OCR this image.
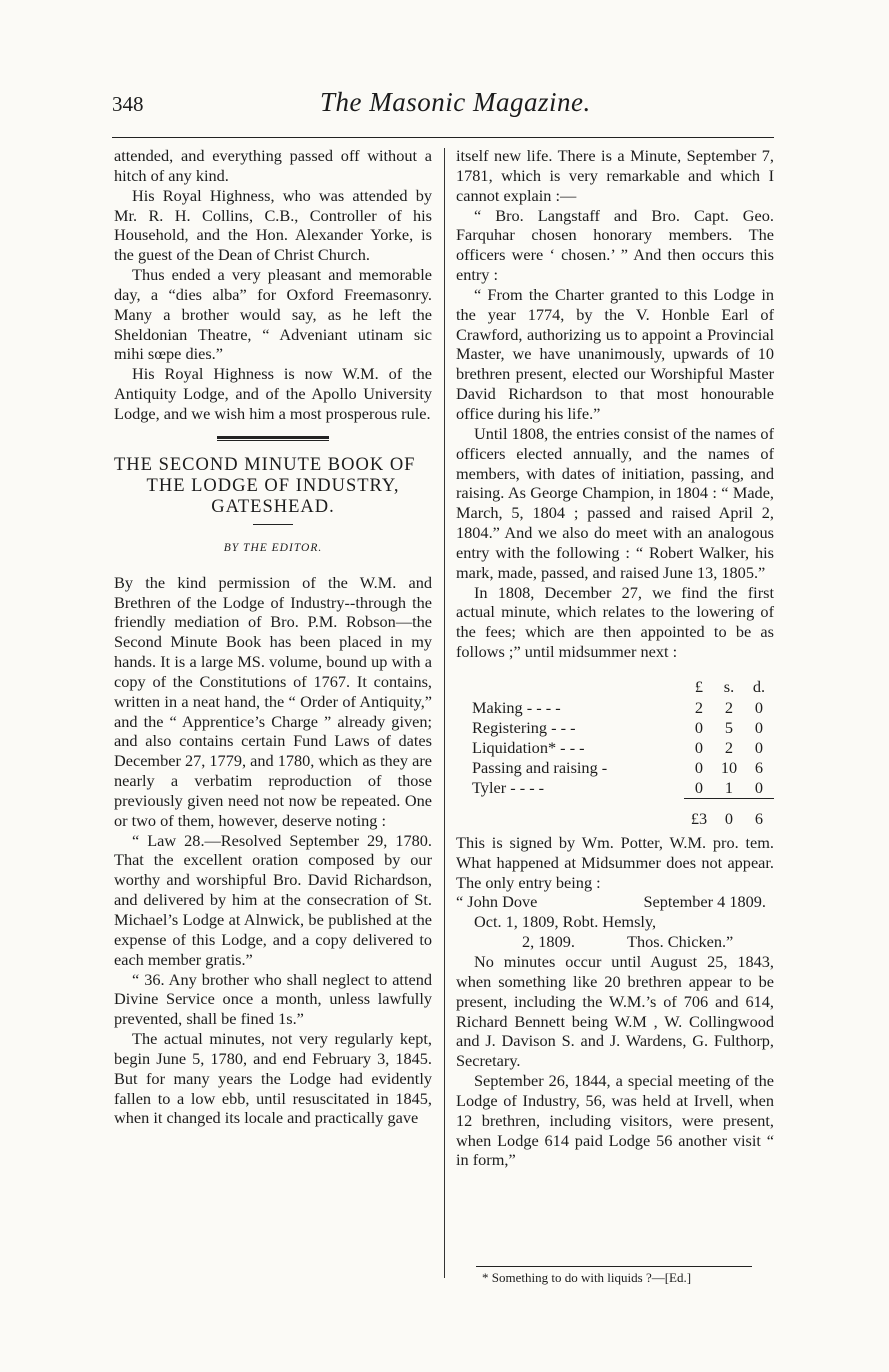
348	The Masonic Magazine.

attended, and everything passed off without a hitch of any kind.

His Royal Highness, who was attended by Mr. R. H. Collins, C.B., Controller of his Household, and the Hon. Alexander Yorke, is the guest of the Dean of Christ Church.

Thus ended a very pleasant and memorable day, a “dies alba” for Oxford Freemasonry. Many a brother would say, as he left the Sheldonian Theatre, “ Adveniant utinam sic mihi sœpe dies.”

His Royal Highness is now W.M. of the Antiquity Lodge, and of the Apollo University Lodge, and we wish him a most prosperous rule.

THE SECOND MINUTE BOOK OF
THE LODGE OF INDUSTRY,
GATESHEAD.
BY THE EDITOR.

By the kind permission of the W.M. and Brethren of the Lodge of Industry--through the friendly mediation of Bro. P.M. Robson—the Second Minute Book has been placed in my hands. It is a large MS. volume, bound up with a copy of the Constitutions of 1767. It contains, written in a neat hand, the “ Order of Antiquity,” and the “ Apprentice’s Charge ” already given; and also contains certain Fund Laws of dates December 27, 1779, and 1780, which as they are nearly a verbatim reproduction of those previously given need not now be repeated. One or two of them, however, deserve noting :

“ Law 28.—Resolved September 29, 1780. That the excellent oration composed by our worthy and worshipful Bro. David Richardson, and delivered by him at the consecration of St. Michael’s Lodge at Alnwick, be published at the expense of this Lodge, and a copy delivered to each member gratis.”

“ 36. Any brother who shall neglect to attend Divine Service once a month, unless lawfully prevented, shall be fined 1s.”

The actual minutes, not very regularly kept, begin June 5, 1780, and end February 3, 1845. But for many years the Lodge had evidently fallen to a low ebb, until resuscitated in 1845, when it changed its locale and practically gave

itself new life. There is a Minute, September 7, 1781, which is very remarkable and which I cannot explain :—

“ Bro. Langstaff and Bro. Capt. Geo. Farquhar chosen honorary members. The officers were ‘ chosen.’ ” And then occurs this entry :

“ From the Charter granted to this Lodge in the year 1774, by the V. Honble Earl of Crawford, authorizing us to appoint a Provincial Master, we have unanimously, upwards of 10 brethren present, elected our Worshipful Master David Richardson to that most honourable office during his life.”

Until 1808, the entries consist of the names of officers elected annually, and the names of members, with dates of initiation, passing, and raising. As George Champion, in 1804 : “ Made, March, 5, 1804 ; passed and raised April 2, 1804.” And we also do meet with an analogous entry with the following : “ Robert Walker, his mark, made, passed, and raised June 13, 1805.”

In 1808, December 27, we find the first actual minute, which relates to the lowering of the fees; which are then appointed to be as follows ;” until midsummer next :

	£	s.	d.
Making - - - -	2	2	0
Registering - - -	0	5	0
Liquidation* - - -	0	2	0
Passing and raising -	0	10	6
Tyler - - - -	0	1	0

	£3	0	6

This is signed by Wm. Potter, W.M. pro. tem. What happened at Midsummer does not appear. The only entry being :

“ John Dove	September 4 1809.

Oct. 1, 1809, Robt. Hemsly,

2, 1809.	Thos. Chicken.”

No minutes occur until August 25, 1843, when something like 20 brethren appear to be present, including the W.M.’s of 706 and 614, Richard Bennett being W.M , W. Collingwood and J. Davison S. and J. Wardens, G. Fulthorp, Secretary.

September 26, 1844, a special meeting of the Lodge of Industry, 56, was held at Irvell, when 12 brethren, including visitors, were present, when Lodge 614 paid Lodge 56 another visit “ in form,”

* Something to do with liquids ?—[Ed.]
